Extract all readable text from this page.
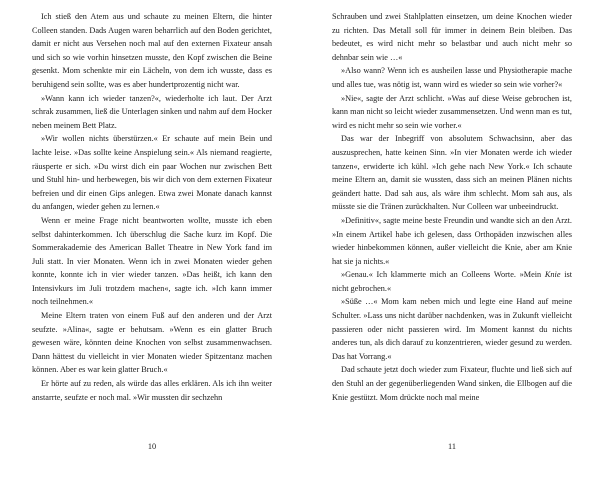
Ich stieß den Atem aus und schaute zu meinen Eltern, die hinter Colleen standen. Dads Augen waren beharrlich auf den Boden gerichtet, damit er nicht aus Versehen noch mal auf den externen Fixateur ansah und sich so wie vorhin hinsetzen musste, den Kopf zwischen die Beine gesenkt. Mom schenkte mir ein Lächeln, von dem ich wusste, dass es beruhigend sein sollte, was es aber hundertprozentig nicht war.

»Wann kann ich wieder tanzen?«, wiederholte ich laut. Der Arzt schrak zusammen, ließ die Unterlagen sinken und nahm auf dem Hocker neben meinem Bett Platz.

»Wir wollen nichts überstürzen.« Er schaute auf mein Bein und lachte leise. »Das sollte keine Anspielung sein.« Als niemand reagierte, räusperte er sich. »Du wirst dich ein paar Wochen nur zwischen Bett und Stuhl hin- und herbewegen, bis wir dich von dem externen Fixateur befreien und dir einen Gips anlegen. Etwa zwei Monate danach kannst du anfangen, wieder gehen zu lernen.«

Wenn er meine Frage nicht beantworten wollte, musste ich eben selbst dahinterkommen. Ich überschlug die Sache kurz im Kopf. Die Sommerakademie des American Ballet Theatre in New York fand im Juli statt. In vier Monaten. Wenn ich in zwei Monaten wieder gehen konnte, konnte ich in vier wieder tanzen. »Das heißt, ich kann den Intensivkurs im Juli trotzdem machen«, sagte ich. »Ich kann immer noch teilnehmen.«

Meine Eltern traten von einem Fuß auf den anderen und der Arzt seufzte. »Alina«, sagte er behutsam. »Wenn es ein glatter Bruch gewesen wäre, könnten deine Knochen von selbst zusammenwachsen. Dann hättest du vielleicht in vier Monaten wieder Spitzentanz machen können. Aber es war kein glatter Bruch.«

Er hörte auf zu reden, als würde das alles erklären. Als ich ihn weiter anstarrte, seufzte er noch mal. »Wir mussten dir sechzehn

10

Schrauben und zwei Stahlplatten einsetzen, um deine Knochen wieder zu richten. Das Metall soll für immer in deinem Bein bleiben. Das bedeutet, es wird nicht mehr so belastbar und auch nicht mehr so dehnbar sein wie …«

»Also wann? Wenn ich es ausheilen lasse und Physiotherapie mache und alles tue, was nötig ist, wann wird es wieder so sein wie vorher?«

»Nie«, sagte der Arzt schlicht. »Was auf diese Weise gebrochen ist, kann man nicht so leicht wieder zusammensetzen. Und wenn man es tut, wird es nicht mehr so sein wie vorher.«

Das war der Inbegriff von absolutem Schwachsinn, aber das auszusprechen, hatte keinen Sinn. »In vier Monaten werde ich wieder tanzen«, erwiderte ich kühl. »Ich gehe nach New York.« Ich schaute meine Eltern an, damit sie wussten, dass sich an meinen Plänen nichts geändert hatte. Dad sah aus, als wäre ihm schlecht. Mom sah aus, als müsste sie die Tränen zurückhalten. Nur Colleen war unbeeindruckt.

»Definitiv«, sagte meine beste Freundin und wandte sich an den Arzt. »In einem Artikel habe ich gelesen, dass Orthopäden inzwischen alles wieder hinbekommen können, außer vielleicht die Knie, aber am Knie hat sie ja nichts.«

»Genau.« Ich klammerte mich an Colleens Worte. »Mein Knie ist nicht gebrochen.«

»Süße …« Mom kam neben mich und legte eine Hand auf meine Schulter. »Lass uns nicht darüber nachdenken, was in Zukunft vielleicht passieren oder nicht passieren wird. Im Moment kannst du nichts anderes tun, als dich darauf zu konzentrieren, wieder gesund zu werden. Das hat Vorrang.«

Dad schaute jetzt doch wieder zum Fixateur, fluchte und ließ sich auf den Stuhl an der gegenüberliegenden Wand sinken, die Ellbogen auf die Knie gestützt. Mom drückte noch mal meine

11
